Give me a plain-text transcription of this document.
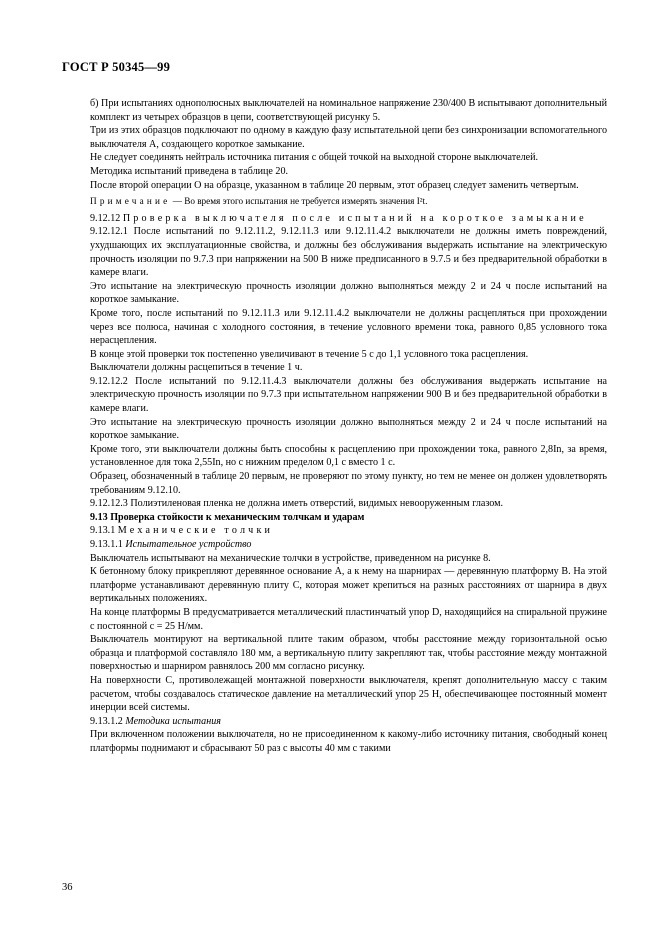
ГОСТ Р 50345—99

б) При испытаниях однополюсных выключателей на номинальное напряжение 230/400 В испытывают дополнительный комплект из четырех образцов в цепи, соответствующей рисунку 5.

Три из этих образцов подключают по одному в каждую фазу испытательной цепи без синхронизации вспомогательного выключателя A, создающего короткое замыкание.

Не следует соединять нейтраль источника питания с общей точкой на выходной стороне выключателей.

Методика испытаний приведена в таблице 20.

После второй операции О на образце, указанном в таблице 20 первым, этот образец следует заменить четвертым.

Примечание — Во время этого испытания не требуется измерять значения I²t.

9.12.12 Проверка выключателя после испытаний на короткое замыкание

9.12.12.1 После испытаний по 9.12.11.2, 9.12.11.3 или 9.12.11.4.2 выключатели не должны иметь повреждений, ухудшающих их эксплуатационные свойства, и должны без обслуживания выдержать испытание на электрическую прочность изоляции по 9.7.3 при напряжении на 500 В ниже предписанного в 9.7.5 и без предварительной обработки в камере влаги.

Это испытание на электрическую прочность изоляции должно выполняться между 2 и 24 ч после испытаний на короткое замыкание.

Кроме того, после испытаний по 9.12.11.3 или 9.12.11.4.2 выключатели не должны расцепляться при прохождении через все полюса, начиная с холодного состояния, в течение условного времени тока, равного 0,85 условного тока нерасцепления.

В конце этой проверки ток постепенно увеличивают в течение 5 с до 1,1 условного тока расцепления.

Выключатели должны расцепиться в течение 1 ч.

9.12.12.2 После испытаний по 9.12.11.4.3 выключатели должны без обслуживания выдержать испытание на электрическую прочность изоляции по 9.7.3 при испытательном напряжении 900 В и без предварительной обработки в камере влаги.

Это испытание на электрическую прочность изоляции должно выполняться между 2 и 24 ч после испытаний на короткое замыкание.

Кроме того, эти выключатели должны быть способны к расцеплению при прохождении тока, равного 2,8In, за время, установленное для тока 2,55In, но с нижним пределом 0,1 с вместо 1 с.

Образец, обозначенный в таблице 20 первым, не проверяют по этому пункту, но тем не менее он должен удовлетворять требованиям 9.12.10.

9.12.12.3 Полиэтиленовая пленка не должна иметь отверстий, видимых невооруженным глазом.

9.13 Проверка стойкости к механическим толчкам и ударам

9.13.1 Механические толчки

9.13.1.1 Испытательное устройство

Выключатель испытывают на механические толчки в устройстве, приведенном на рисунке 8.

К бетонному блоку прикрепляют деревянное основание A, а к нему на шарнирах — деревянную платформу B. На этой платформе устанавливают деревянную плиту C, которая может крепиться на разных расстояниях от шарнира в двух вертикальных положениях.

На конце платформы B предусматривается металлический пластинчатый упор D, находящийся на спиральной пружине с постоянной c = 25 Н/мм.

Выключатель монтируют на вертикальной плите таким образом, чтобы расстояние между горизонтальной осью образца и платформой составляло 180 мм, а вертикальную плиту закрепляют так, чтобы расстояние между монтажной поверхностью и шарниром равнялось 200 мм согласно рисунку.

На поверхности C, противолежащей монтажной поверхности выключателя, крепят дополнительную массу с таким расчетом, чтобы создавалось статическое давление на металлический упор 25 Н, обеспечивающее постоянный момент инерции всей системы.

9.13.1.2 Методика испытания

При включенном положении выключателя, но не присоединенном к какому-либо источнику питания, свободный конец платформы поднимают и сбрасывают 50 раз с высоты 40 мм с такими

36
